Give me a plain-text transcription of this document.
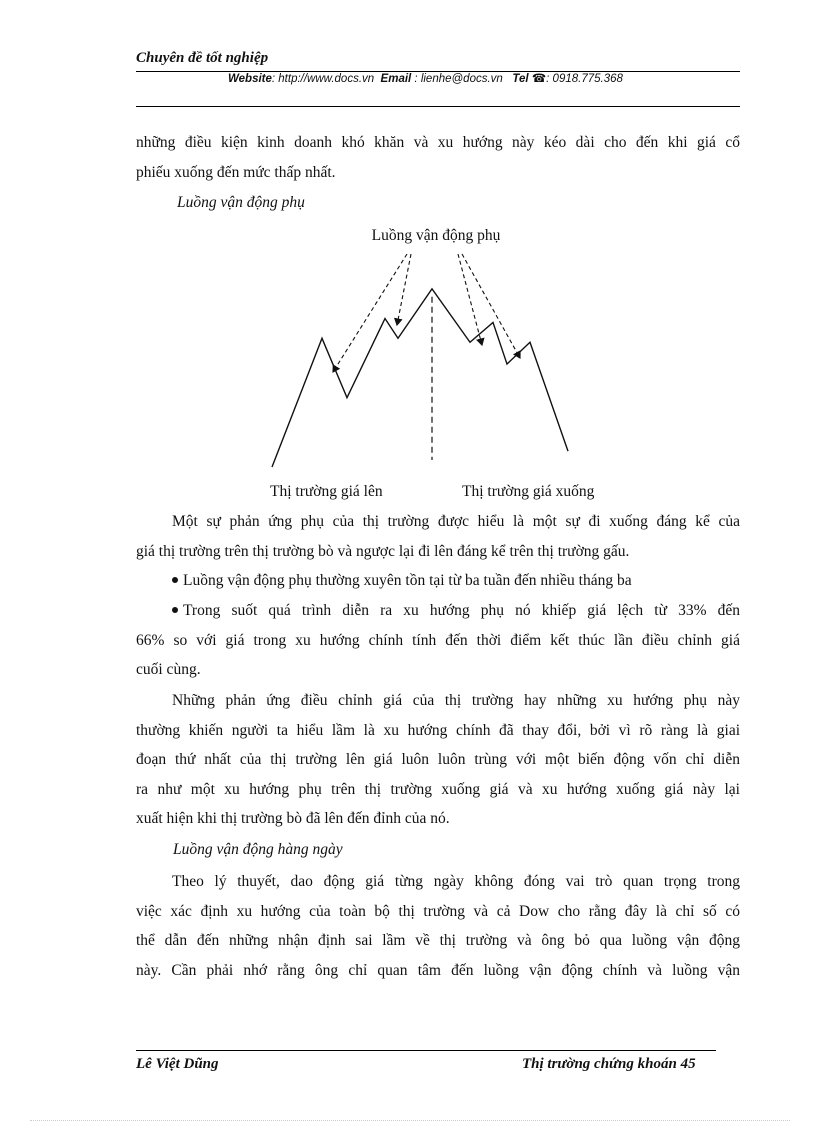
Chuyên đề tốt nghiệp
Website: http://www.docs.vn Email : lienhe@docs.vn Tel ☎: 0918.775.368
những điều kiện kinh doanh khó khăn và xu hướng này kéo dài cho đến khi giá cổ
phiếu xuống đến mức thấp nhất.
Luồng vận động phụ
Luồng vận động phụ
Thị trường giá lên	Thị trường giá xuống
Một sự phản ứng phụ của thị trường được hiểu là một sự đi xuống đáng kể của
giá thị trường trên thị trường bò và ngược lại đi lên đáng kể trên thị trường gấu.
Luồng vận động phụ thường xuyên tồn tại từ ba tuần đến nhiều tháng ba
Trong suốt quá trình diễn ra xu hướng phụ nó khiếp giá lệch từ 33% đến
66% so với giá trong xu hướng chính tính đến thời điểm kết thúc lần điều chỉnh giá
cuối cùng.
Những phản ứng điều chỉnh giá của thị trường hay những xu hướng phụ này
thường khiến người ta hiểu lầm là xu hướng chính đã thay đổi, bởi vì rõ ràng là giai
đoạn thứ nhất của thị trường lên giá luôn luôn trùng với một biến động vốn chỉ diễn
ra như một xu hướng phụ trên thị trường xuống giá và xu hướng xuống giá này lại
xuất hiện khi thị trường bò đã lên đến đỉnh của nó.
Luồng vận động hàng ngày
Theo lý thuyết, dao động giá từng ngày không đóng vai trò quan trọng trong
việc xác định xu hướng của toàn bộ thị trường và cả Dow cho rằng đây là chỉ số có
thể dẫn đến những nhận định sai lầm về thị trường và ông bỏ qua luồng vận động
này. Cần phải nhớ rằng ông chỉ quan tâm đến luồng vận động chính và luồng vận
Lê Việt Dũng	Thị trường chứng khoán 45
